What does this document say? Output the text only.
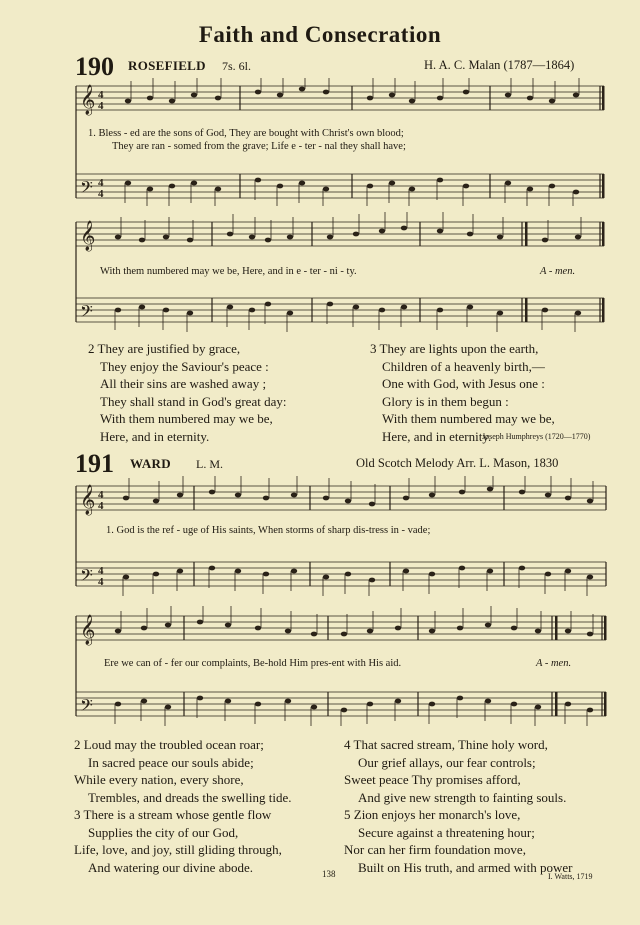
Faith and Consecration
190 ROSEFIELD 7s. 6l.	H. A. C. Malan (1787—1864)
𝄞
𝄢
4
4
4
4
1. Bless - ed are the sons of God, They are bought with Christ's own blood;
They are ran - somed from the grave; Life e - ter - nal they shall have;
𝄞
𝄢
With them numbered may we be, Here, and in e - ter - ni - ty.	A - men.
2 They are justified by grace,
They enjoy the Saviour's peace :
All their sins are washed away ;
They shall stand in God's great day:
With them numbered may we be,
Here, and in eternity.
3 They are lights upon the earth,
Children of a heavenly birth,—
One with God, with Jesus one :
Glory is in them begun :
With them numbered may we be,
Here, and in eternity.
Joseph Humphreys (1720—1770)
191 WARD L. M.	Old Scotch Melody Arr. L. Mason, 1830
𝄞
𝄢
4
4
4
4
1. God is the ref - uge of His saints, When storms of sharp dis-tress in - vade;
𝄞
𝄢
Ere we can of - fer our complaints, Be-hold Him pres-ent with His aid.	A - men.
2 Loud may the troubled ocean roar;
In sacred peace our souls abide;
While every nation, every shore,
Trembles, and dreads the swelling tide.
3 There is a stream whose gentle flow
Supplies the city of our God,
Life, love, and joy, still gliding through,
And watering our divine abode.
4 That sacred stream, Thine holy word,
Our grief allays, our fear controls;
Sweet peace Thy promises afford,
And give new strength to fainting souls.
5 Zion enjoys her monarch's love,
Secure against a threatening hour;
Nor can her firm foundation move,
Built on His truth, and armed with power
138	I. Watts, 1719
